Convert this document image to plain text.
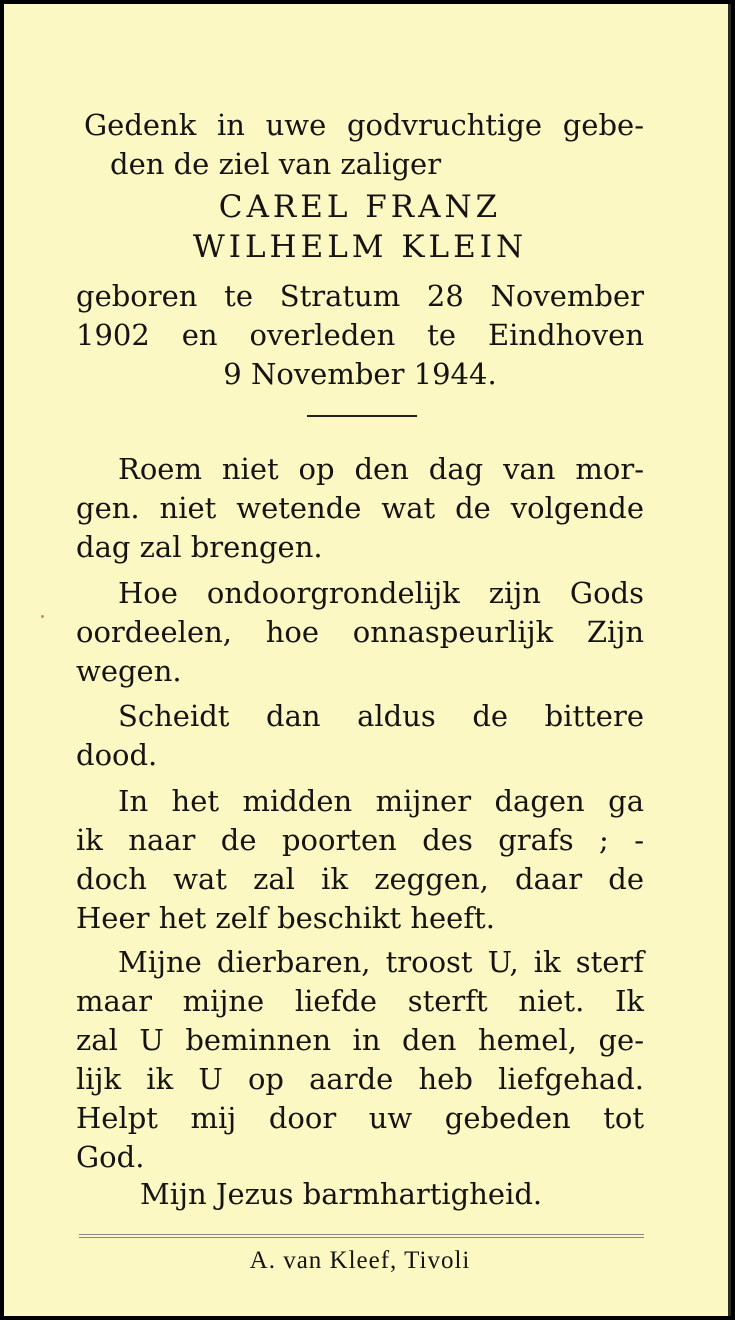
Gedenk in uwe godvruchtige gebe-
den de ziel van zaliger
CAREL FRANZ
WILHELM KLEIN
geboren te Stratum 28 November
1902 en overleden te Eindhoven
9 November 1944.
Roem niet op den dag van mor-
gen. niet wetende wat de volgende
dag zal brengen.
Hoe ondoorgrondelijk zijn Gods
oordeelen, hoe onnaspeurlijk Zijn
wegen.
Scheidt dan aldus de bittere
dood.
In het midden mijner dagen ga
ik naar de poorten des grafs ; -
doch wat zal ik zeggen, daar de
Heer het zelf beschikt heeft.
Mijne dierbaren, troost U, ik sterf
maar mijne liefde sterft niet. Ik
zal U beminnen in den hemel, ge-
lijk ik U op aarde heb liefgehad.
Helpt mij door uw gebeden tot
God.
Mijn Jezus barmhartigheid.
A. van Kleef, Tivoli
